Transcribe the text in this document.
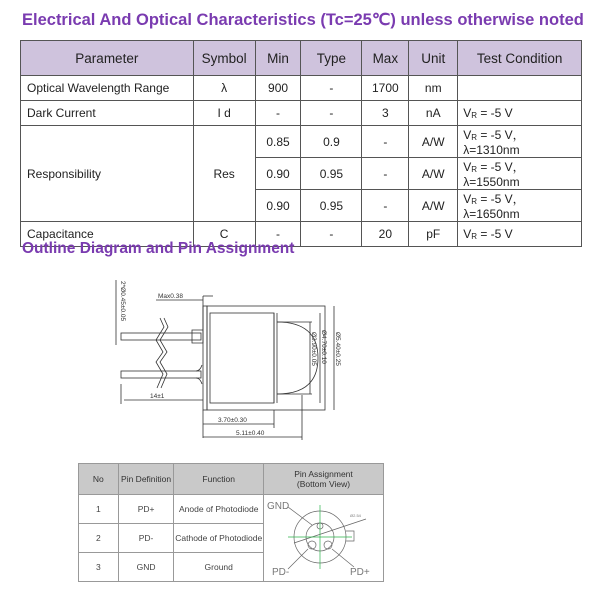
Electrical And Optical Characteristics (Tc=25℃) unless otherwise noted
Parameter	Symbol	Min	Type	Max	Unit	Test Condition
Optical Wavelength Range	λ	900	-	1700	nm	
Dark Current	I d	-	-	3	nA	$V_R = -5$ V
Responsibility	Res	0.85	0.9	-	A/W	$V_R = -5$ V，λ=1310nm
		0.90	0.95	-	A/W	$V_R = -5$ V，λ=1550nm
		0.90	0.95	-	A/W	$V_R = -5$ V，λ=1650nm
Capacitance	C	-	-	20	pF	$V_R = -5$ V
Outline Diagram and Pin Assignment
Max0.38
14±1
3.70±0.30
5.11±0.40
2*Ø0.45±0.05
Ø3.90±0.05 Ø4.70±0.10 Ø5.40±0.25
No	Pin Definition	Function	Pin Assignment
(Bottom View)
1	PD+	Anode of Photodiode	GND
PD- PD+
Ø2.54

2	PD-	Cathode of Photodiode	
3	GND	Ground	
